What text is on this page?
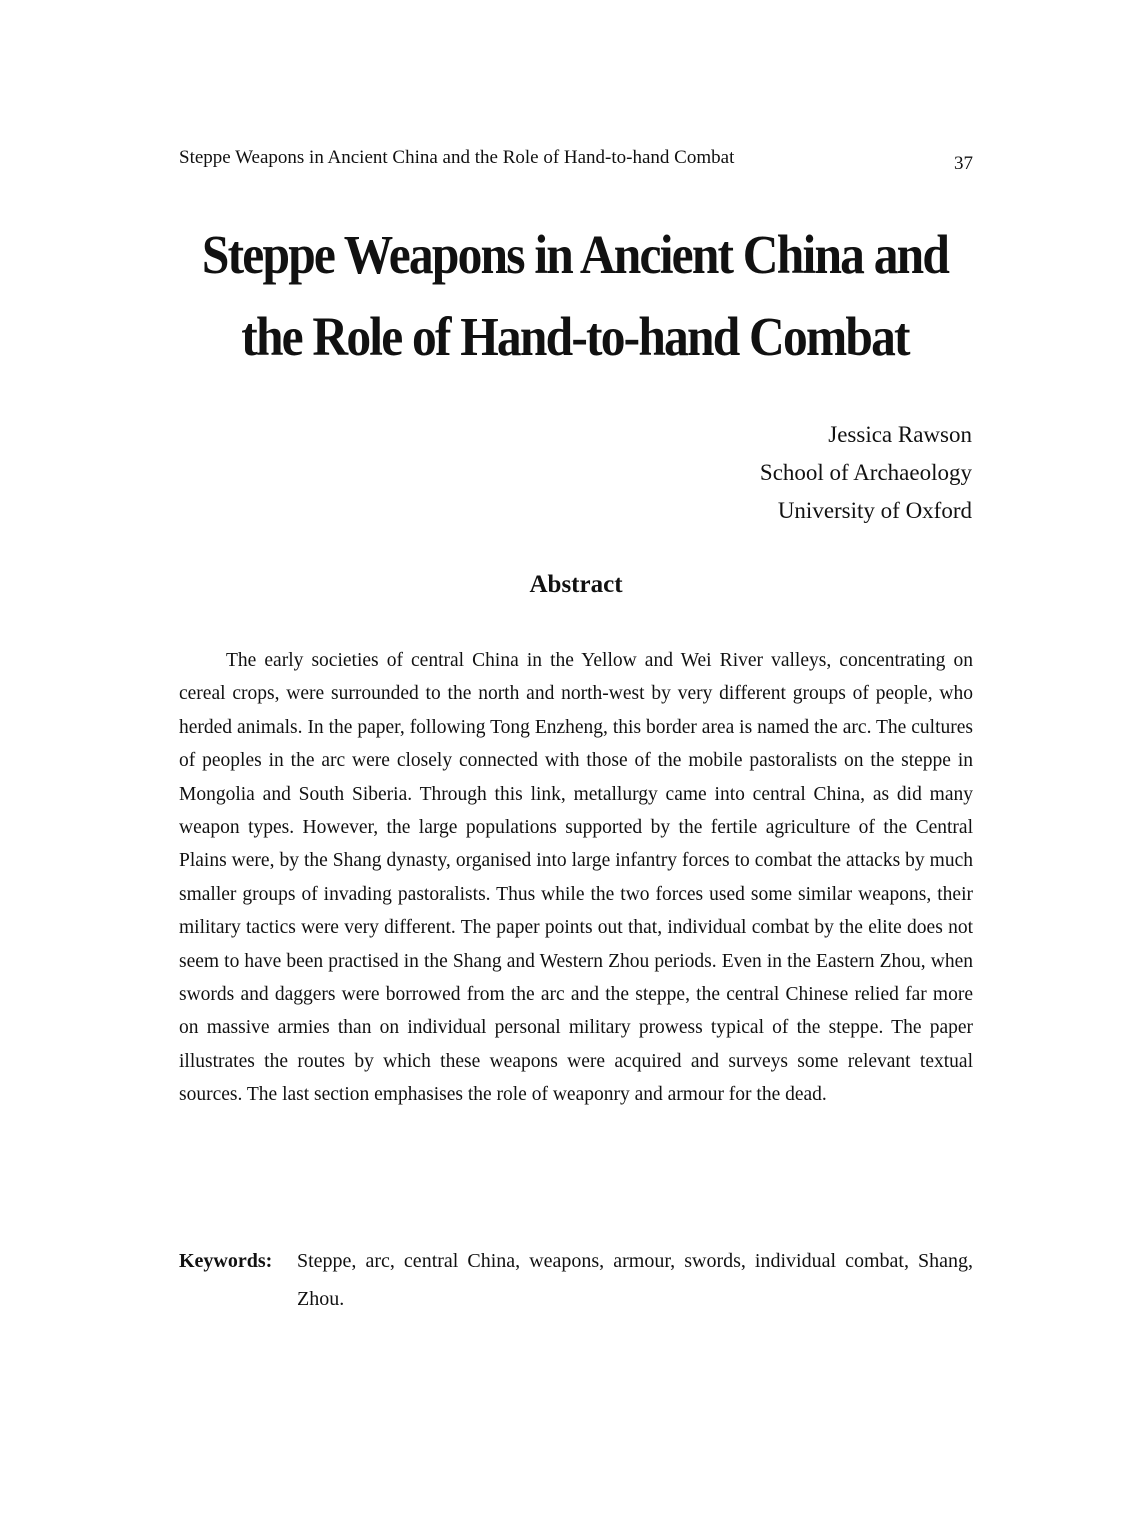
Steppe Weapons in Ancient China and the Role of Hand-to-hand Combat	37
Steppe Weapons in Ancient China and
the Role of Hand-to-hand Combat
Jessica Rawson
School of Archaeology
University of Oxford
Abstract

The early societies of central China in the Yellow and Wei River valleys, concentrating on cereal crops, were surrounded to the north and north-west by very different groups of people, who herded animals. In the paper, following Tong Enzheng, this border area is named the arc. The cultures of peoples in the arc were closely connected with those of the mobile pastoralists on the steppe in Mongolia and South Siberia. Through this link, metallurgy came into central China, as did many weapon types. However, the large populations supported by the fertile agriculture of the Central Plains were, by the Shang dynasty, organised into large infantry forces to combat the attacks by much smaller groups of invading pastoralists. Thus while the two forces used some similar weapons, their military tactics were very different. The paper points out that, individual combat by the elite does not seem to have been practised in the Shang and Western Zhou periods. Even in the Eastern Zhou, when swords and daggers were borrowed from the arc and the steppe, the central Chinese relied far more on massive armies than on individual personal military prowess typical of the steppe. The paper illustrates the routes by which these weapons were acquired and surveys some relevant textual sources. The last section emphasises the role of weaponry and armour for the dead.

Keywords: Steppe, arc, central China, weapons, armour, swords, individual combat, Shang, Zhou.
